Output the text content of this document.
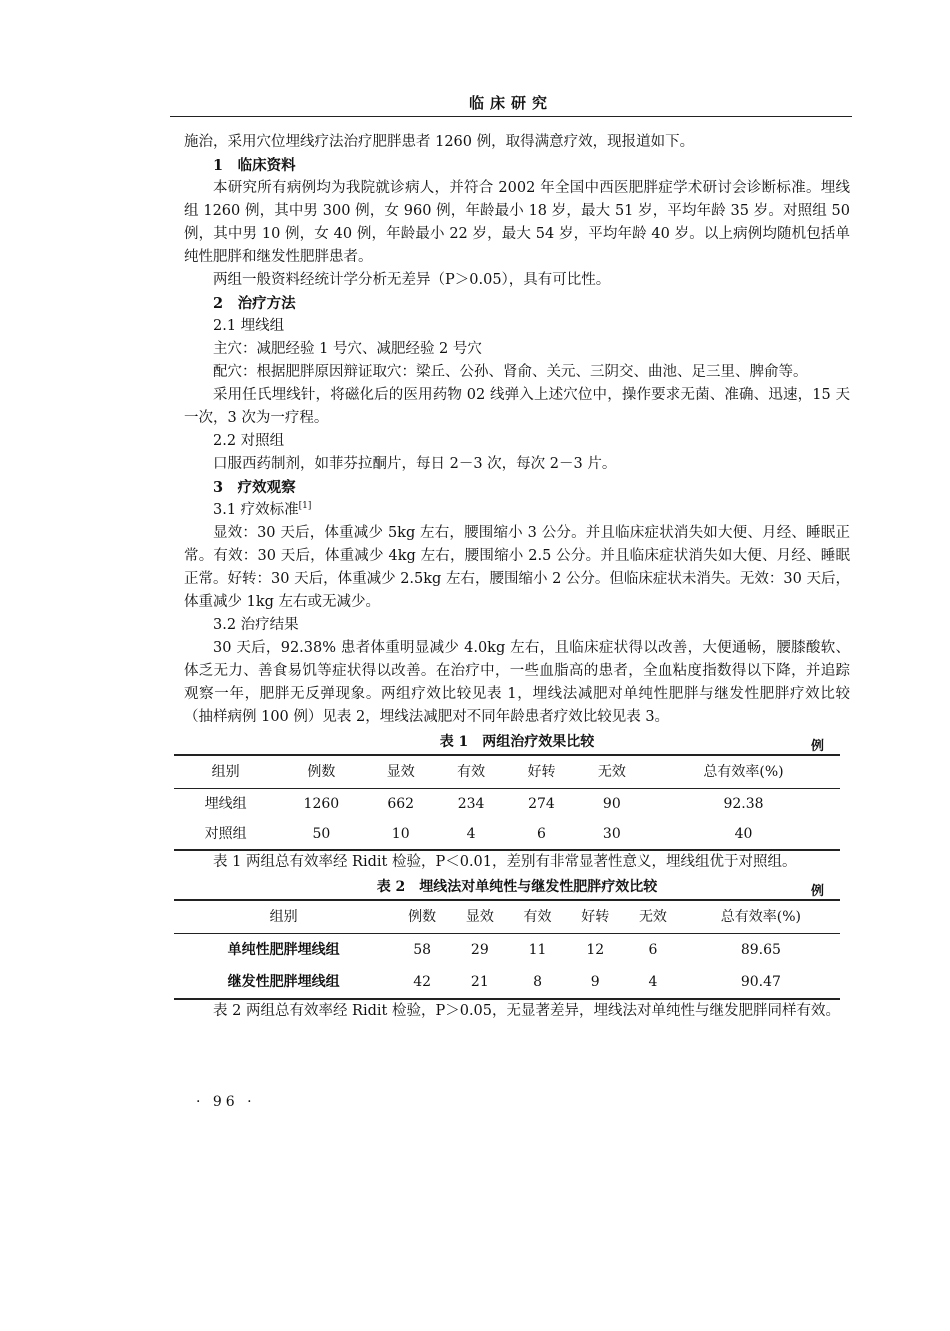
临床研究

施治，采用穴位埋线疗法治疗肥胖患者 1260 例，取得满意疗效，现报道如下。

1　临床资料

本研究所有病例均为我院就诊病人，并符合 2002 年全国中西医肥胖症学术研讨会诊断标准。埋线组 1260 例，其中男 300 例，女 960 例，年龄最小 18 岁，最大 51 岁，平均年龄 35 岁。对照组 50 例，其中男 10 例，女 40 例，年龄最小 22 岁，最大 54 岁，平均年龄 40 岁。以上病例均随机包括单纯性肥胖和继发性肥胖患者。

两组一般资料经统计学分析无差异（P＞0.05），具有可比性。

2　治疗方法

2.1 埋线组

主穴：减肥经验 1 号穴、减肥经验 2 号穴

配穴：根据肥胖原因辩证取穴：梁丘、公孙、肾俞、关元、三阴交、曲池、足三里、脾俞等。

采用任氏埋线针，将磁化后的医用药物 02 线弹入上述穴位中，操作要求无菌、准确、迅速，15 天一次，3 次为一疗程。

2.2 对照组

口服西药制剂，如菲芬拉酮片，每日 2－3 次，每次 2－3 片。

3　疗效观察

3.1 疗效标准[1]

显效：30 天后，体重减少 5kg 左右，腰围缩小 3 公分。并且临床症状消失如大便、月经、睡眠正常。有效：30 天后，体重减少 4kg 左右，腰围缩小 2.5 公分。并且临床症状消失如大便、月经、睡眠正常。好转：30 天后，体重减少 2.5kg 左右，腰围缩小 2 公分。但临床症状未消失。无效：30 天后，体重减少 1kg 左右或无减少。

3.2 治疗结果

30 天后，92.38% 患者体重明显减少 4.0kg 左右，且临床症状得以改善，大便通畅，腰膝酸软、体乏无力、善食易饥等症状得以改善。在治疗中，一些血脂高的患者，全血粘度指数得以下降，并追踪观察一年，肥胖无反弹现象。两组疗效比较见表 1，埋线法减肥对单纯性肥胖与继发性肥胖疗效比较（抽样病例 100 例）见表 2，埋线法减肥对不同年龄患者疗效比较见表 3。

表 1　两组治疗效果比较	例
组别	例数	显效	有效	好转	无效	总有效率(%)
埋线组	1260	662	234	274	90	92.38
对照组	50	10	4	6	30	40

表 1 两组总有效率经 Ridit 检验，P＜0.01，差别有非常显著性意义，埋线组优于对照组。

表 2　埋线法对单纯性与继发性肥胖疗效比较	例
组别	例数	显效	有效	好转	无效	总有效率(%)
单纯性肥胖埋线组	58	29	11	12	6	89.65
继发性肥胖埋线组	42	21	8	9	4	90.47

表 2 两组总有效率经 Ridit 检验，P＞0.05，无显著差异，埋线法对单纯性与继发肥胖同样有效。

· 96 ·
